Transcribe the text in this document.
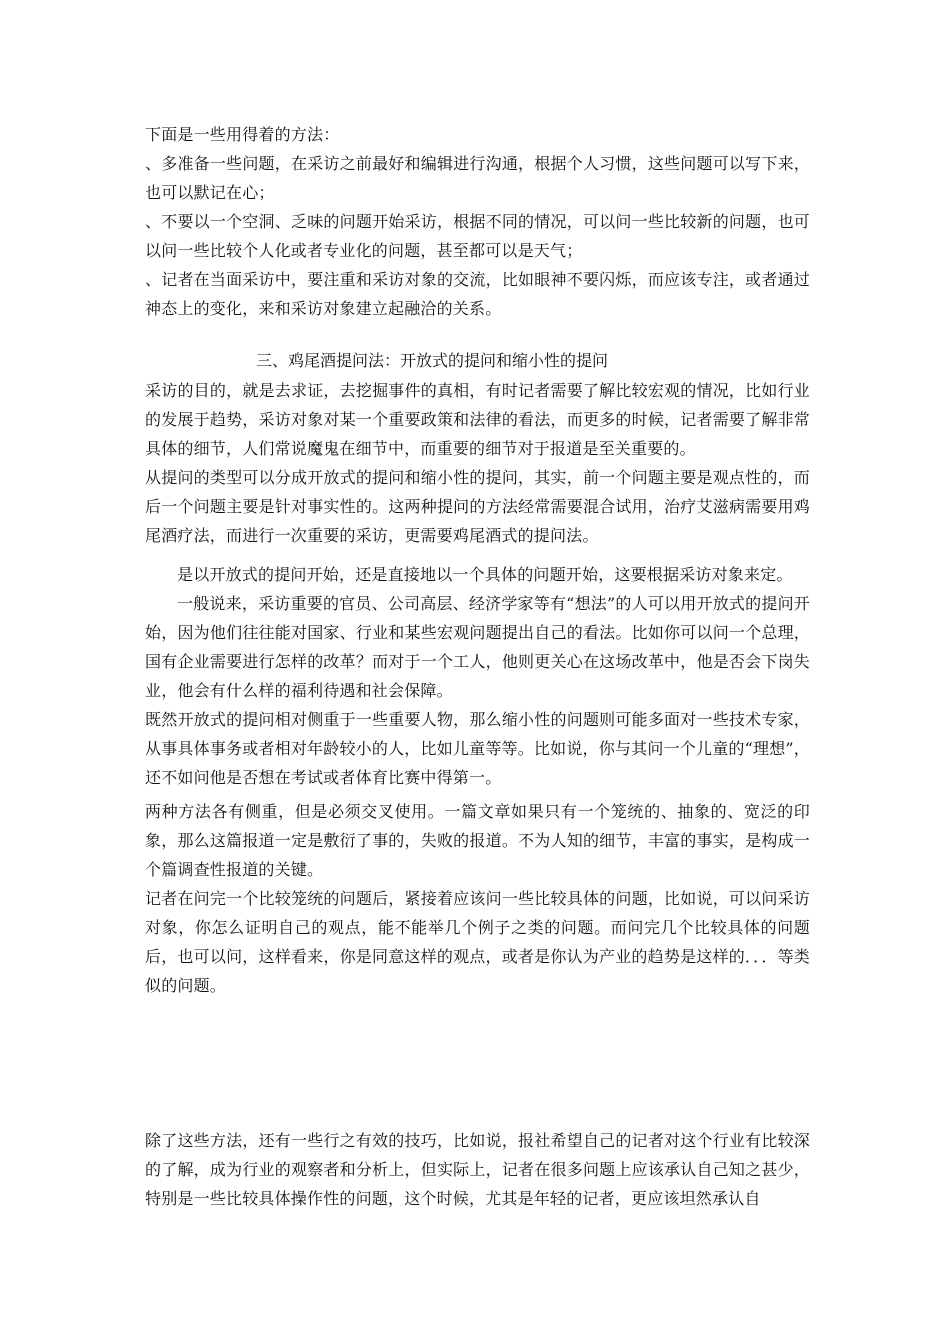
下面是一些用得着的方法：

、多准备一些问题，在采访之前最好和编辑进行沟通，根据个人习惯，这些问题可以写下来，也可以默记在心；

、不要以一个空洞、乏味的问题开始采访，根据不同的情况，可以问一些比较新的问题，也可以问一些比较个人化或者专业化的问题，甚至都可以是天气；

、记者在当面采访中，要注重和采访对象的交流，比如眼神不要闪烁，而应该专注，或者通过神态上的变化，来和采访对象建立起融洽的关系。

三、鸡尾酒提问法：开放式的提问和缩小性的提问

采访的目的，就是去求证，去挖掘事件的真相，有时记者需要了解比较宏观的情况，比如行业的发展于趋势，采访对象对某一个重要政策和法律的看法，而更多的时候，记者需要了解非常具体的细节，人们常说魔鬼在细节中，而重要的细节对于报道是至关重要的。

从提问的类型可以分成开放式的提问和缩小性的提问，其实，前一个问题主要是观点性的，而后一个问题主要是针对事实性的。这两种提问的方法经常需要混合试用，治疗艾滋病需要用鸡尾酒疗法，而进行一次重要的采访，更需要鸡尾酒式的提问法。

是以开放式的提问开始，还是直接地以一个具体的问题开始，这要根据采访对象来定。

一般说来，采访重要的官员、公司高层、经济学家等有“想法”的人可以用开放式的提问开始，因为他们往往能对国家、行业和某些宏观问题提出自己的看法。比如你可以问一个总理，国有企业需要进行怎样的改革？而对于一个工人，他则更关心在这场改革中，他是否会下岗失业，他会有什么样的福利待遇和社会保障。

既然开放式的提问相对侧重于一些重要人物，那么缩小性的问题则可能多面对一些技术专家，从事具体事务或者相对年龄较小的人，比如儿童等等。比如说，你与其问一个儿童的“理想”，还不如问他是否想在考试或者体育比赛中得第一。

两种方法各有侧重，但是必须交叉使用。一篇文章如果只有一个笼统的、抽象的、宽泛的印象，那么这篇报道一定是敷衍了事的，失败的报道。不为人知的细节，丰富的事实，是构成一个篇调查性报道的关键。

记者在问完一个比较笼统的问题后，紧接着应该问一些比较具体的问题，比如说，可以问采访对象，你怎么证明自己的观点，能不能举几个例子之类的问题。而问完几个比较具体的问题后，也可以问，这样看来，你是同意这样的观点，或者是你认为产业的趋势是这样的．．．等类似的问题。

除了这些方法，还有一些行之有效的技巧，比如说，报社希望自己的记者对这个行业有比较深的了解，成为行业的观察者和分析上，但实际上，记者在很多问题上应该承认自己知之甚少，特别是一些比较具体操作性的问题，这个时候，尤其是年轻的记者，更应该坦然承认自
